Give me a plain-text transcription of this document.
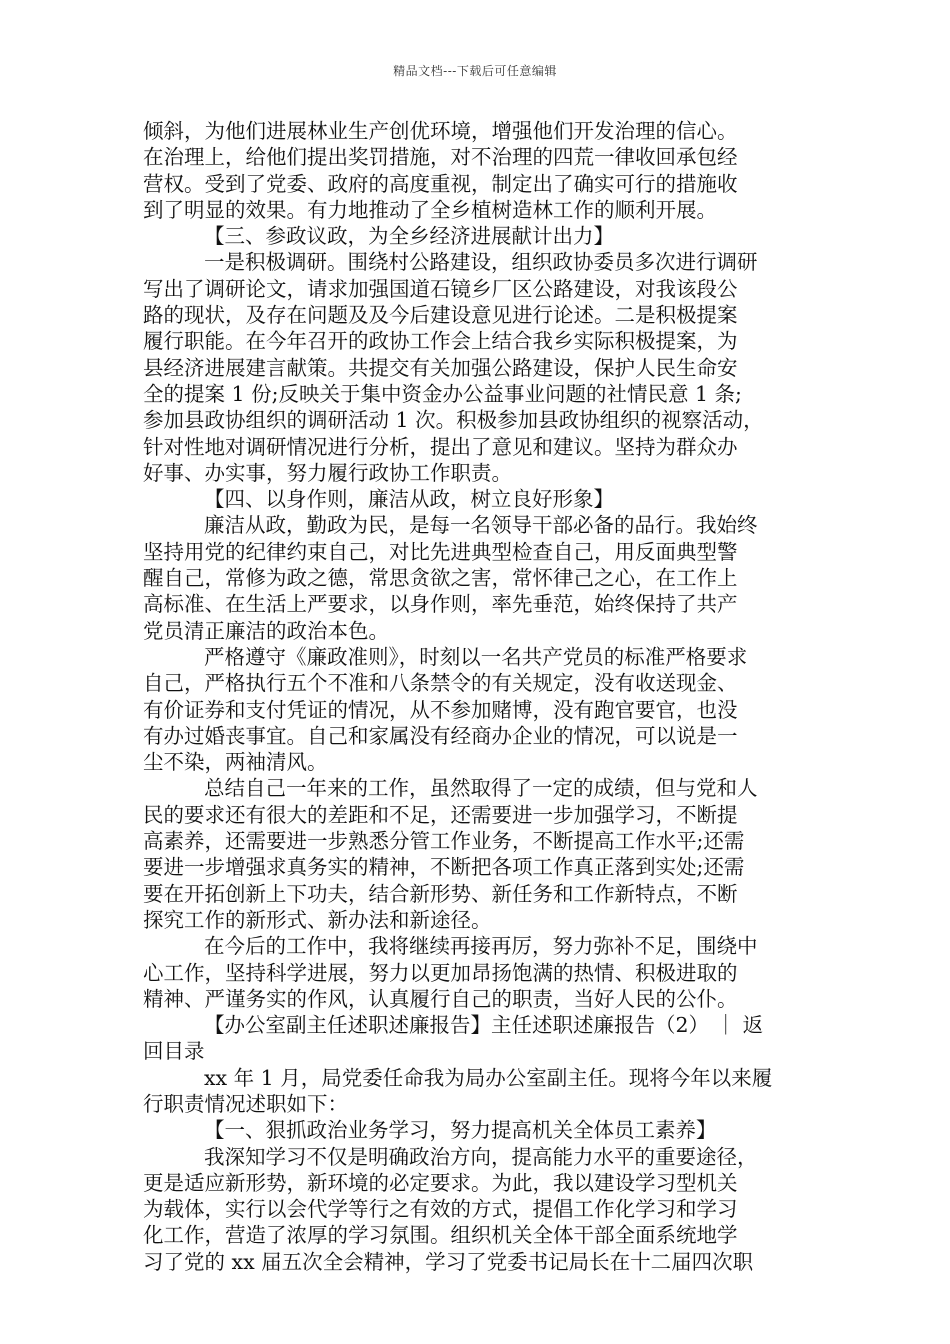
精品文档---下载后可任意编辑
倾斜，为他们进展林业生产创优环境，增强他们开发治理的信心。
在治理上，给他们提出奖罚措施，对不治理的四荒一律收回承包经
营权。受到了党委、政府的高度重视，制定出了确实可行的措施收
到了明显的效果。有力地推动了全乡植树造林工作的顺利开展。
【三、参政议政，为全乡经济进展献计出力】
一是积极调研。围绕村公路建设，组织政协委员多次进行调研
写出了调研论文，请求加强国道石镜乡厂区公路建设，对我该段公
路的现状，及存在问题及及今后建设意见进行论述。二是积极提案
履行职能。在今年召开的政协工作会上结合我乡实际积极提案，为
县经济进展建言献策。共提交有关加强公路建设，保护人民生命安
全的提案 1 份;反映关于集中资金办公益事业问题的社情民意 1 条;
参加县政协组织的调研活动 1 次。积极参加县政协组织的视察活动，
针对性地对调研情况进行分析，提出了意见和建议。坚持为群众办
好事、办实事，努力履行政协工作职责。
【四、以身作则，廉洁从政，树立良好形象】
廉洁从政，勤政为民，是每一名领导干部必备的品行。我始终
坚持用党的纪律约束自己，对比先进典型检查自己，用反面典型警
醒自己，常修为政之德，常思贪欲之害，常怀律己之心，在工作上
高标准、在生活上严要求，以身作则，率先垂范，始终保持了共产
党员清正廉洁的政治本色。
严格遵守《廉政准则》，时刻以一名共产党员的标准严格要求
自己，严格执行五个不准和八条禁令的有关规定，没有收送现金、
有价证券和支付凭证的情况，从不参加赌博，没有跑官要官，也没
有办过婚丧事宜。自己和家属没有经商办企业的情况，可以说是一
尘不染，两袖清风。
总结自己一年来的工作，虽然取得了一定的成绩，但与党和人
民的要求还有很大的差距和不足，还需要进一步加强学习，不断提
高素养，还需要进一步熟悉分管工作业务，不断提高工作水平;还需
要进一步增强求真务实的精神，不断把各项工作真正落到实处;还需
要在开拓创新上下功夫，结合新形势、新任务和工作新特点，不断
探究工作的新形式、新办法和新途径。
在今后的工作中，我将继续再接再厉，努力弥补不足，围绕中
心工作，坚持科学进展，努力以更加昂扬饱满的热情、积极进取的
精神、严谨务实的作风，认真履行自己的职责，当好人民的公仆。
【办公室副主任述职述廉报告】主任述职述廉报告（2） ｜ 返
回目录
xx 年 1 月，局党委任命我为局办公室副主任。现将今年以来履
行职责情况述职如下：
【一、狠抓政治业务学习，努力提高机关全体员工素养】
我深知学习不仅是明确政治方向，提高能力水平的重要途径，
更是适应新形势，新环境的必定要求。为此，我以建设学习型机关
为载体，实行以会代学等行之有效的方式，提倡工作化学习和学习
化工作，营造了浓厚的学习氛围。组织机关全体干部全面系统地学
习了党的 xx 届五次全会精神，学习了党委书记局长在十二届四次职
